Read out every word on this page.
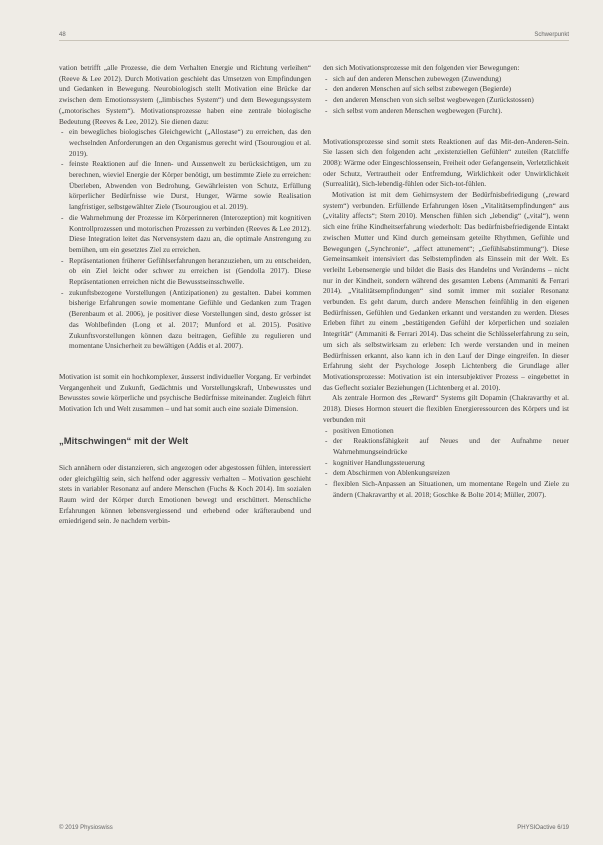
48	Schwerpunkt

vation betrifft „alle Prozesse, die dem Verhalten Energie und Richtung verleihen“ (Reeve & Lee 2012). Durch Motivation geschieht das Umsetzen von Empfindungen und Gedanken in Bewegung. Neurobiologisch stellt Motivation eine Brücke dar zwischen dem Emotionssystem („limbisches System“) und dem Bewegungssystem („motorisches System“). Motivationsprozesse haben eine zentrale biologische Bedeutung (Reeves & Lee, 2012). Sie dienen dazu:

- ein bewegliches biologisches Gleichgewicht („Allostase“) zu erreichen, das den wechselnden Anforderungen an den Organismus gerecht wird (Tsourougiou et al. 2019).
- feinste Reaktionen auf die Innen- und Aussenwelt zu berücksichtigen, um zu berechnen, wieviel Energie der Körper benötigt, um bestimmte Ziele zu erreichen: Überleben, Abwenden von Bedrohung, Gewährleisten von Schutz, Erfüllung körperlicher Bedürfnisse wie Durst, Hunger, Wärme sowie Realisation langfristiger, selbstgewählter Ziele (Tsourougiou et al. 2019).
- die Wahrnehmung der Prozesse im Körperinneren (Interozeption) mit kognitiven Kontrollprozessen und motorischen Prozessen zu verbinden (Reeves & Lee 2012). Diese Integration leitet das Nervensystem dazu an, die optimale Anstrengung zu bemühen, um ein gesetztes Ziel zu erreichen.
- Repräsentationen früherer Gefühlserfahrungen heranzuziehen, um zu entscheiden, ob ein Ziel leicht oder schwer zu erreichen ist (Gendolla 2017). Diese Repräsentationen erreichen nicht die Bewusstseinsschwelle.
- zukunftsbezogene Vorstellungen (Antizipationen) zu gestalten. Dabei kommen bisherige Erfahrungen sowie momentane Gefühle und Gedanken zum Tragen (Berenbaum et al. 2006), je positiver diese Vorstellungen sind, desto grösser ist das Wohlbefinden (Long et al. 2017; Munford et al. 2015). Positive Zukunftsvorstellungen können dazu beitragen, Gefühle zu regulieren und momentane Unsicherheit zu bewältigen (Addis et al. 2007).

Motivation ist somit ein hochkomplexer, äusserst individueller Vorgang. Er verbindet Vergangenheit und Zukunft, Gedächtnis und Vorstellungskraft, Unbewusstes und Bewusstes sowie körperliche und psychische Bedürfnisse miteinander. Zugleich führt Motivation Ich und Welt zusammen – und hat somit auch eine soziale Dimension.

„Mitschwingen“ mit der Welt

Sich annähern oder distanzieren, sich angezogen oder abgestossen fühlen, interessiert oder gleichgültig sein, sich helfend oder aggressiv verhalten – Motivation geschieht stets in variabler Resonanz auf andere Menschen (Fuchs & Koch 2014). Im sozialen Raum wird der Körper durch Emotionen bewegt und erschüttert. Menschliche Erfahrungen können lebensvergiessend und erhebend oder kräfteraubend und erniedrigend sein. Je nachdem verbin-

den sich Motivationsprozesse mit den folgenden vier Bewegungen:

- sich auf den anderen Menschen zubewegen (Zuwendung)
- den anderen Menschen auf sich selbst zubewegen (Begierde)
- den anderen Menschen von sich selbst wegbewegen (Zurückstossen)
- sich selbst vom anderen Menschen wegbewegen (Furcht).

Motivationsprozesse sind somit stets Reaktionen auf das Mit-den-Anderen-Sein. Sie lassen sich den folgenden acht „existenziellen Gefühlen“ zuteilen (Ratcliffe 2008): Wärme oder Eingeschlossensein, Freiheit oder Gefangensein, Verletzlichkeit oder Schutz, Vertrautheit oder Entfremdung, Wirklichkeit oder Unwirklichkeit (Surrealität), Sich-lebendig-fühlen oder Sich-tot-fühlen.

Motivation ist mit dem Gehirnsystem der Bedürfnisbefriedigung („reward system“) verbunden. Erfüllende Erfahrungen lösen „Vitalitätsempfindungen“ aus („vitality affects“; Stern 2010). Menschen fühlen sich „lebendig“ („vital“), wenn sich eine frühe Kindheitserfahrung wiederholt: Das bedürfnisbefriedigende Eintakt zwischen Mutter und Kind durch gemeinsam geteilte Rhythmen, Gefühle und Bewegungen („Synchronie“, „affect attunement“; „Gefühlsabstimmung“). Diese Gemeinsamkeit intensiviert das Selbstempfinden als Einssein mit der Welt. Es verleiht Lebensenergie und bildet die Basis des Handelns und Veränderns – nicht nur in der Kindheit, sondern während des gesamten Lebens (Ammaniti & Ferrari 2014). „Vitalitätsempfindungen“ sind somit immer mit sozialer Resonanz verbunden. Es geht darum, durch andere Menschen feinfühlig in den eigenen Bedürfnissen, Gefühlen und Gedanken erkannt und verstanden zu werden. Dieses Erleben führt zu einem „bestätigenden Gefühl der körperlichen und sozialen Integrität“ (Ammaniti & Ferrari 2014). Das scheint die Schlüsselerfahrung zu sein, um sich als selbstwirksam zu erleben: Ich werde verstanden und in meinen Bedürfnissen erkannt, also kann ich in den Lauf der Dinge eingreifen. In dieser Erfahrung sieht der Psychologe Joseph Lichtenberg die Grundlage aller Motivationsprozesse: Motivation ist ein intersubjektiver Prozess – eingebettet in das Geflecht sozialer Beziehungen (Lichtenberg et al. 2010).

Als zentrale Hormon des „Reward“ Systems gilt Dopamin (Chakravarthy et al. 2018). Dieses Hormon steuert die flexiblen Energieressourcen des Körpers und ist verbunden mit

- positiven Emotionen
- der Reaktionsfähigkeit auf Neues und der Aufnahme neuer Wahrnehmungseindrücke
- kognitiver Handlungssteuerung
- dem Abschirmen von Ablenkungsreizen
- flexiblen Sich-Anpassen an Situationen, um momentane Regeln und Ziele zu ändern (Chakravarthy et al. 2018; Goschke & Bolte 2014; Müller, 2007).
© 2019 Physioswiss	PHYSIOactive 6/19
